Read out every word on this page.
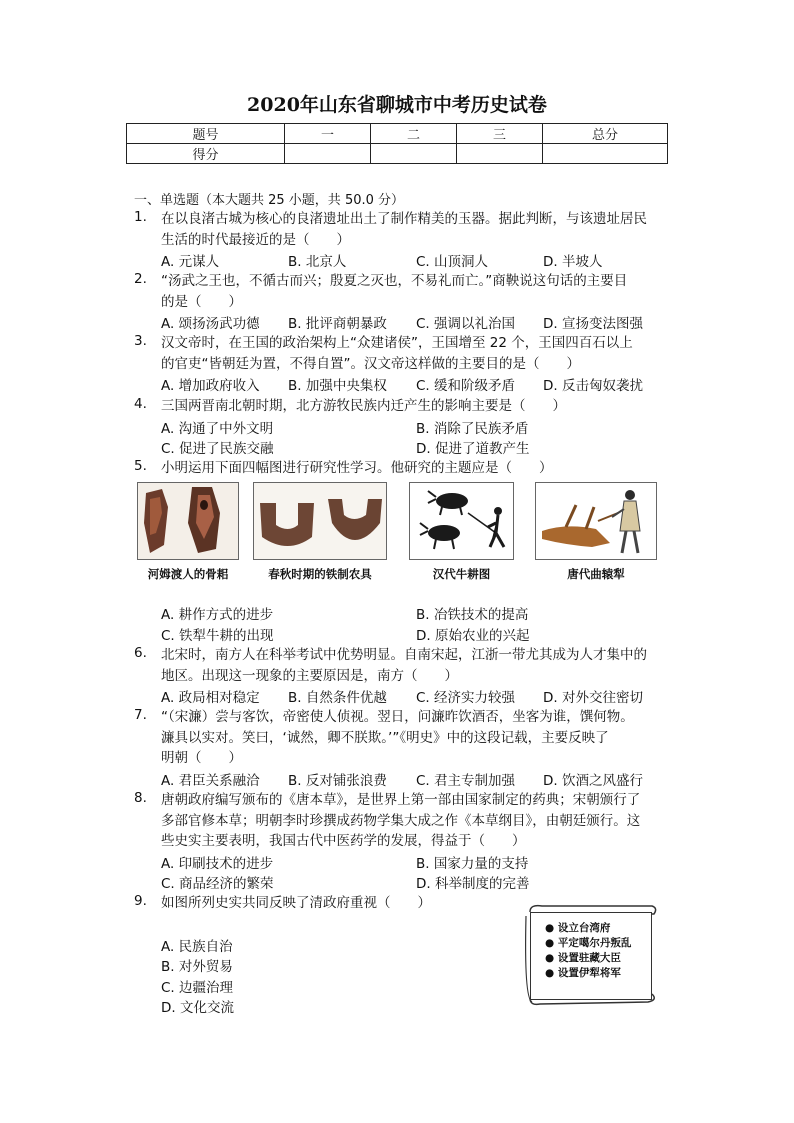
2020年山东省聊城市中考历史试卷
题号	一	二	三	总分
得分				
一、单选题（本大题共 25 小题，共 50.0 分）
1. 在以良渚古城为核心的良渚遗址出土了制作精美的玉器。据此判断，与该遗址居民
生活的时代最接近的是（　　）
A. 元谋人	B. 北京人	C. 山顶洞人	D. 半坡人
2. “汤武之王也，不循古而兴；殷夏之灭也，不易礼而亡。”商鞅说这句话的主要目
的是（　　）
A. 颂扬汤武功德 B. 批评商朝暴政 C. 强调以礼治国 D. 宣扬变法图强
3. 汉文帝时，在王国的政治架构上“众建诸侯”，王国增至 22 个，王国四百石以上
的官吏“皆朝廷为置，不得自置”。汉文帝这样做的主要目的是（　　）
A. 增加政府收入 B. 加强中央集权 C. 缓和阶级矛盾 D. 反击匈奴袭扰
4. 三国两晋南北朝时期，北方游牧民族内迁产生的影响主要是（　　）
A. 沟通了中外文明	B. 消除了民族矛盾
C. 促进了民族交融	D. 促进了道教产生
5. 小明运用下面四幅图进行研究性学习。他研究的主题应是（　　）
河姆渡人的骨耜	春秋时期的铁制农具	汉代牛耕图	唐代曲辕犁
A. 耕作方式的进步	B. 冶铁技术的提高
C. 铁犁牛耕的出现	D. 原始农业的兴起
6. 北宋时，南方人在科举考试中优势明显。自南宋起，江浙一带尤其成为人才集中的
地区。出现这一现象的主要原因是，南方（　　）
A. 政局相对稳定 B. 自然条件优越 C. 经济实力较强 D. 对外交往密切
7. “（宋濂）尝与客饮，帝密使人侦视。翌日，问濂昨饮酒否，坐客为谁，馔何物。
濂具以实对。笑曰，‘诚然，卿不朕欺。’”《明史》中的这段记载，主要反映了
明朝（　　）
A. 君臣关系融洽 B. 反对铺张浪费 C. 君主专制加强 D. 饮酒之风盛行
8. 唐朝政府编写颁布的《唐本草》，是世界上第一部由国家制定的药典；宋朝颁行了
多部官修本草；明朝李时珍撰成药物学集大成之作《本草纲目》，由朝廷颁行。这
些史实主要表明，我国古代中医药学的发展，得益于（　　）
A. 印刷技术的进步	B. 国家力量的支持
C. 商品经济的繁荣	D. 科举制度的完善
9. 如图所列史实共同反映了清政府重视（　　）
A. 民族自治
B. 对外贸易
C. 边疆治理
D. 文化交流
● 设立台湾府
● 平定噶尔丹叛乱
● 设置驻藏大臣
● 设置伊犁将军
